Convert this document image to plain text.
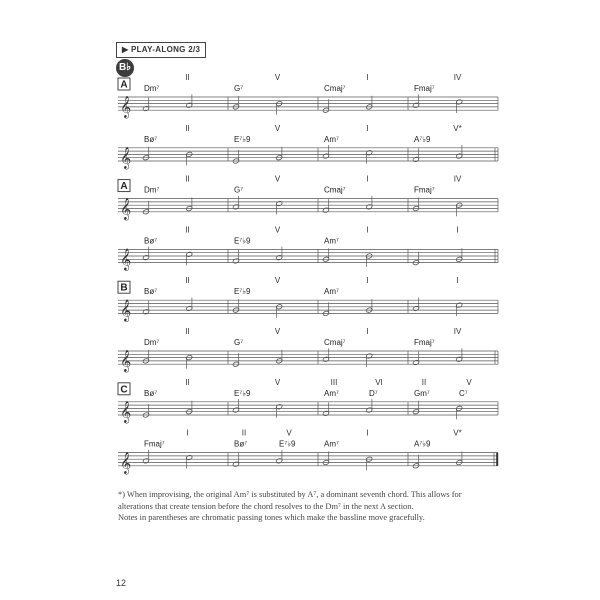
▶ PLAY-ALONG 2/3
B♭
𝄞
A Dm⁷
II
G⁷
V
Cmaj⁷
I
Fmaj⁷
IV
𝄞
Bø⁷
II
E⁷♭9
V
Am⁷
I
A⁷♭9
V*
𝄞
A Dm⁷
II
G⁷
V
Cmaj⁷
I
Fmaj⁷
IV
𝄞
Bø⁷
II
E⁷♭9
V
Am⁷
I	I
𝄞
B Bø⁷
II
E⁷♭9
V
Am⁷
I	I
𝄞
Dm⁷
II
G⁷
V
Cmaj⁷
I
Fmaj⁷
IV
𝄞
C Bø⁷
II
E⁷♭9
V
Am⁷	D⁷
III	VI
Gm⁷	C⁷
II	V
𝄞
Fmaj⁷
I
Bø⁷	E⁷♭9
II	V
Am⁷
I
A⁷♭9
V*

*) When improvising, the original Am⁷ is substituted by A⁷, a dominant seventh chord. This allows for alterations that create tension before the chord resolves to the Dm⁷ in the next A section.

Notes in parentheses are chromatic passing tones which make the bassline move gracefully.

12
